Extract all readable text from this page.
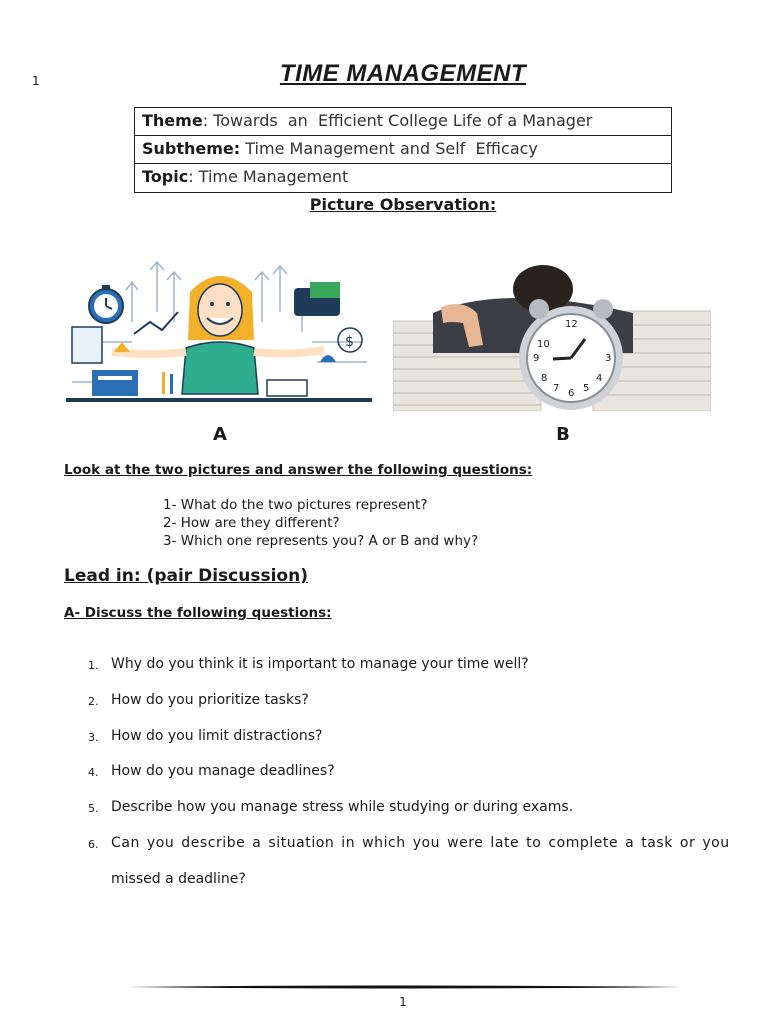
1	TIME MANAGEMENT
Theme: Towards  an  Efficient College Life of a Manager
Subtheme: Time Management and Self  Efficacy
Topic: Time Management
Picture Observation:
$
12
3
6
9
10
4
8
5
7
A	B
Look at the two pictures and answer the following questions:
1- What do the two pictures represent?
2- How are they different?
3- Which one represents you? A or B and why?
Lead in: (pair Discussion)
A- Discuss the following questions:
1. Why do you think it is important to manage your time well?
2. How do you prioritize tasks?
3. How do you limit distractions?
4. How do you manage deadlines?
5. Describe how you manage stress while studying or during exams.
6. Can you describe a situation in which you were late to complete a task or you
missed a deadline?
1
